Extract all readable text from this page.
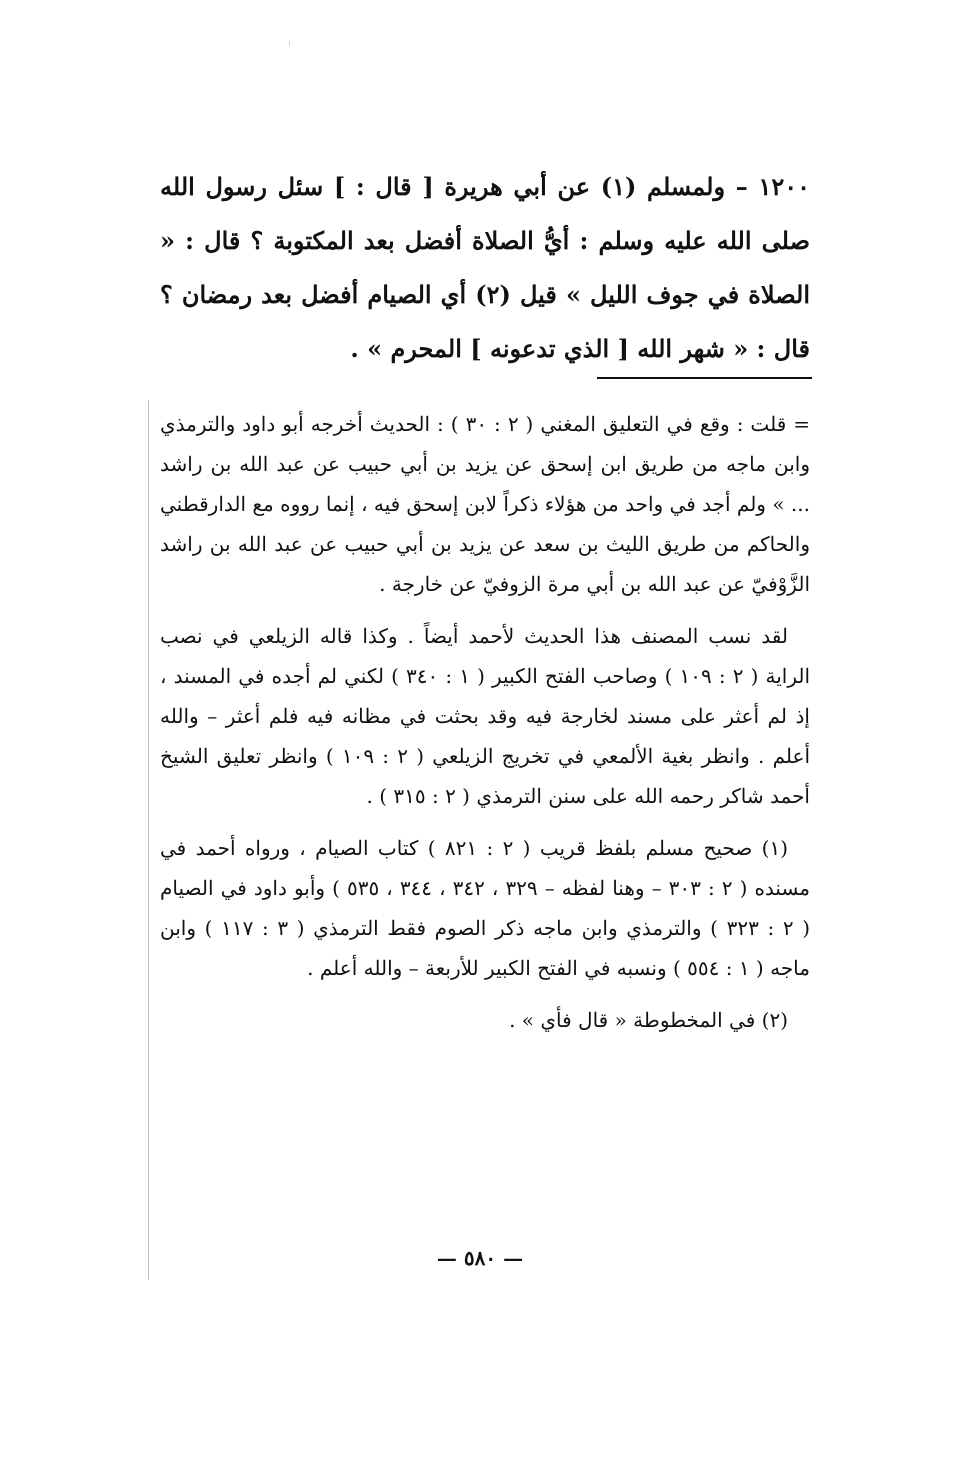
١٢٠٠ – ولمسلم (١) عن أبي هريرة [ قال : ] سئل رسول الله صلى الله عليه وسلم : أيُّ الصلاة أفضل بعد المكتوبة ؟ قال : « الصلاة في جوف الليل » قيل (٢) أي الصيام أفضل بعد رمضان ؟ قال : « شهر الله [ الذي تدعونه ] المحرم » .

= قلت : وقع في التعليق المغني ( ٢ : ٣٠ ) : الحديث أخرجه أبو داود والترمذي وابن ماجه من طريق ابن إسحق عن يزيد بن أبي حبيب عن عبد الله بن راشد ... » ولم أجد في واحد من هؤلاء ذكراً لابن إسحق فيه ، إنما رووه مع الدارقطني والحاكم من طريق الليث بن سعد عن يزيد بن أبي حبيب عن عبد الله بن راشد الزَّوْفيّ عن عبد الله بن أبي مرة الزوفيّ عن خارجة .

لقد نسب المصنف هذا الحديث لأحمد أيضاً . وكذا قاله الزيلعي في نصب الراية ( ٢ : ١٠٩ ) وصاحب الفتح الكبير ( ١ : ٣٤٠ ) لكني لم أجده في المسند ، إذ لم أعثر على مسند لخارجة فيه وقد بحثت في مظانه فيه فلم أعثر – والله أعلم . وانظر بغية الألمعي في تخريج الزيلعي ( ٢ : ١٠٩ ) وانظر تعليق الشيخ أحمد شاكر رحمه الله على سنن الترمذي ( ٢ : ٣١٥ ) .

(١) صحيح مسلم بلفظ قريب ( ٢ : ٨٢١ ) كتاب الصيام ، ورواه أحمد في مسنده ( ٢ : ٣٠٣ – وهنا لفظه – ٣٢٩ ، ٣٤٢ ، ٣٤٤ ، ٥٣٥ ) وأبو داود في الصيام ( ٢ : ٣٢٣ ) والترمذي وابن ماجه ذكر الصوم فقط الترمذي ( ٣ : ١١٧ ) وابن ماجه ( ١ : ٥٥٤ ) ونسبه في الفتح الكبير للأربعة – والله أعلم .

(٢) في المخطوطة « قال فأي » .

— ٥٨٠ —
